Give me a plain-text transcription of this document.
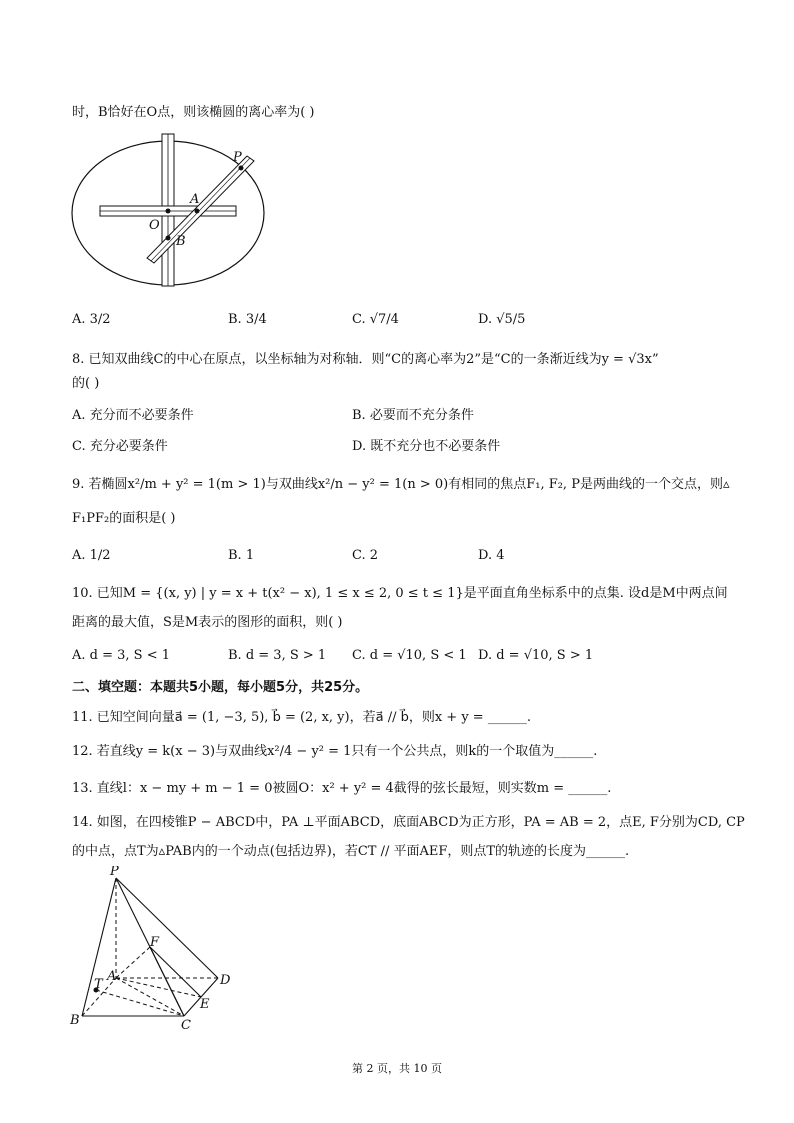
时，B恰好在O点，则该椭圆的离心率为( )
P
A
O
B
A. 3/2	B. 3/4	C. √7/4	D. √5/5
8. 已知双曲线C的中心在原点，以坐标轴为对称轴．则“C的离心率为2”是“C的一条渐近线为y = √3x”
的( )
A. 充分而不必要条件	B. 必要而不充分条件
C. 充分必要条件	D. 既不充分也不必要条件
9. 若椭圆x²/m + y² = 1(m > 1)与双曲线x²/n − y² = 1(n > 0)有相同的焦点F₁, F₂, P是两曲线的一个交点，则▵
F₁PF₂的面积是( )
A. 1/2	B. 1	C. 2	D. 4
10. 已知M = {(x, y) | y = x + t(x² − x), 1 ≤ x ≤ 2, 0 ≤ t ≤ 1}是平面直角坐标系中的点集. 设d是M中两点间
距离的最大值，S是M表示的图形的面积，则( )
A. d = 3, S < 1	B. d = 3, S > 1 C. d = √10, S < 1 D. d = √10, S > 1
二、填空题：本题共5小题，每小题5分，共25分。
11. 已知空间向量a⃗ = (1, −3, 5), b⃗ = (2, x, y)，若a⃗ // b⃗，则x + y = ______.
12. 若直线y = k(x − 3)与双曲线x²/4 − y² = 1只有一个公共点，则k的一个取值为______.
13. 直线l：x − my + m − 1 = 0被圆O：x² + y² = 4截得的弦长最短，则实数m = ______.
14. 如图，在四棱锥P − ABCD中，PA ⊥平面ABCD，底面ABCD为正方形，PA = AB = 2，点E, F分别为CD, CP
的中点，点T为▵PAB内的一个动点(包括边界)，若CT // 平面AEF，则点T的轨迹的长度为______.
P
F
T
A	D
E
B	C
第 2 页，共 10 页
